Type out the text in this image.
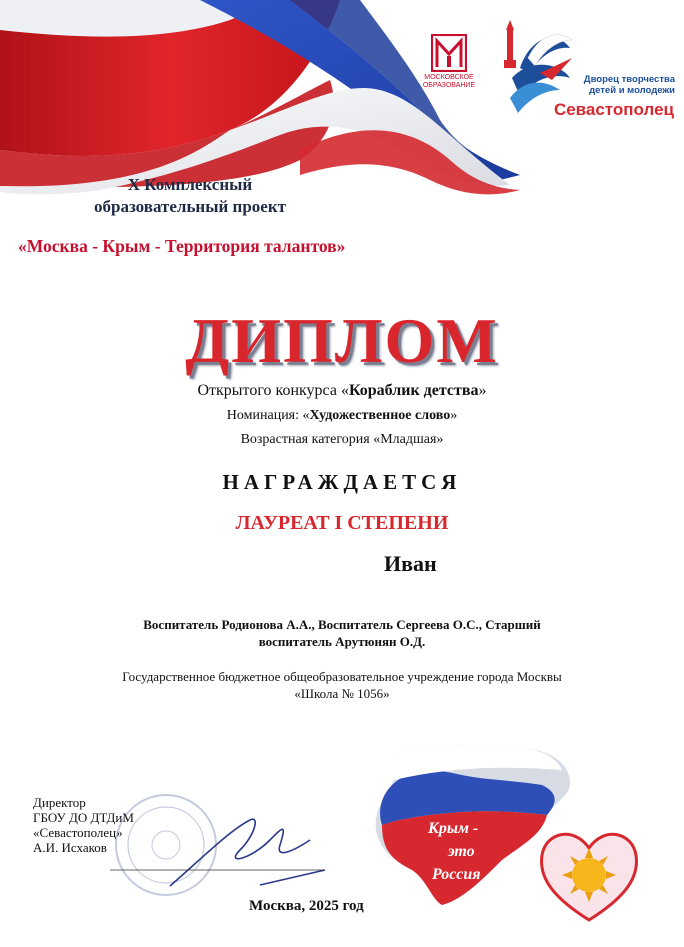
МОСКОВСКОЕ
ОБРАЗОВАНИЕ
Дворец творчества
детей и молодежи
Севастополец
X Комплексный
образовательный проект
«Москва - Крым - Территория талантов»
ДИПЛОМ
Открытого конкурса «Кораблик детства»
Номинация: «Художественное слово»
Возрастная категория «Младшая»
НАГРАЖДАЕТСЯ
ЛАУРЕАТ I СТЕПЕНИ
Иван
Воспитатель Родионова А.А., Воспитатель Сергеева О.С., Старший
воспитатель Арутюнян О.Д.
Государственное бюджетное общеобразовательное учреждение города Москвы
«Школа № 1056»
Директор
ГБОУ ДО ДТДиМ
«Севастополец»
А.И. Исхаков
Москва, 2025 год
Крым -
это
Россия
